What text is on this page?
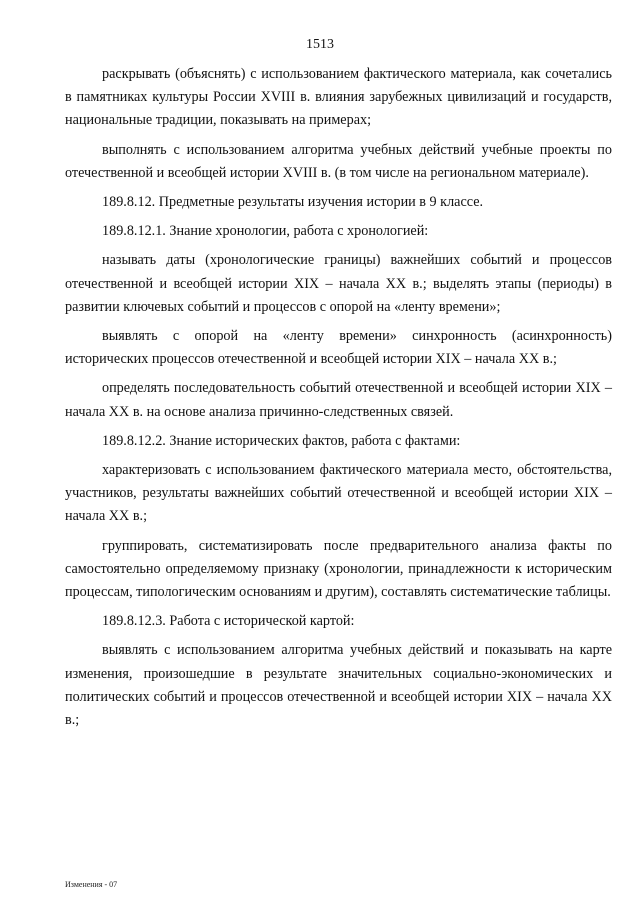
1513

раскрывать (объяснять) с использованием фактического материала, как сочетались в памятниках культуры России XVIII в. влияния зарубежных цивилизаций и государств, национальные традиции, показывать на примерах;

выполнять с использованием алгоритма учебных действий учебные проекты по отечественной и всеобщей истории XVIII в. (в том числе на региональном материале).

189.8.12. Предметные результаты изучения истории в 9 классе.

189.8.12.1. Знание хронологии, работа с хронологией:

называть даты (хронологические границы) важнейших событий и процессов отечественной и всеобщей истории XIX – начала XX в.; выделять этапы (периоды) в развитии ключевых событий и процессов с опорой на «ленту времени»;

выявлять с опорой на «ленту времени» синхронность (асинхронность) исторических процессов отечественной и всеобщей истории XIX – начала XX в.;

определять последовательность событий отечественной и всеобщей истории XIX – начала XX в. на основе анализа причинно-следственных связей.

189.8.12.2. Знание исторических фактов, работа с фактами:

характеризовать с использованием фактического материала место, обстоятельства, участников, результаты важнейших событий отечественной и всеобщей истории XIX – начала XX в.;

группировать, систематизировать после предварительного анализа факты по самостоятельно определяемому признаку (хронологии, принадлежности к историческим процессам, типологическим основаниям и другим), составлять систематические таблицы.

189.8.12.3. Работа с исторической картой:

выявлять с использованием алгоритма учебных действий и показывать на карте изменения, произошедшие в результате значительных социально-экономических и политических событий и процессов отечественной и всеобщей истории XIX – начала XX в.;

Изменения - 07
